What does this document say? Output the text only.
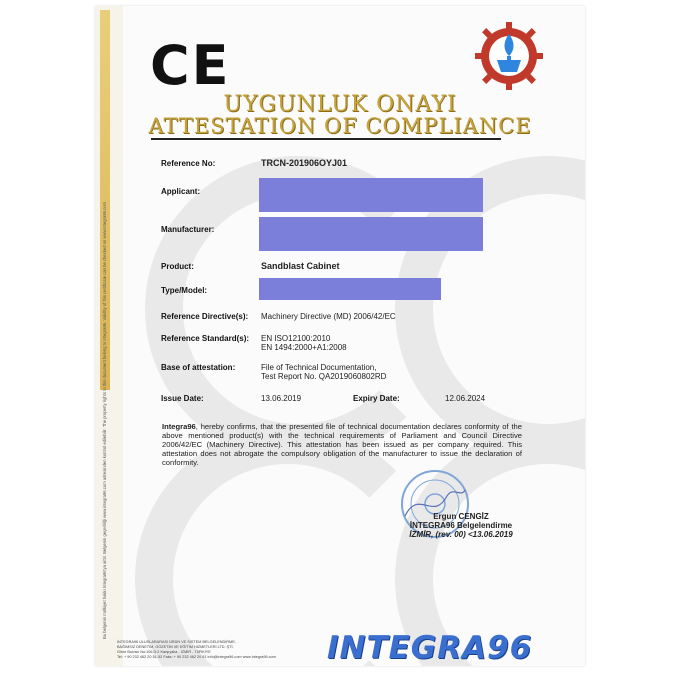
Bu belgenin mülkiyet hakkı İntegra96'ya aittir. Belgenin geçerliliği www.integra96.com adresinden kontrol edilebilir. The property rights to this document belong to Integra96. Validity of this certificate can be checked on www.integra96.com
CE
UYGUNLUK ONAYI
ATTESTATION OF COMPLIANCE
Reference No:	TRCN-201906OYJ01
Applicant:
Manufacturer:
Product:	Sandblast Cabinet
Type/Model:
Reference Directive(s): Machinery Directive (MD) 2006/42/EC
Reference Standard(s): EN ISO12100:2010
EN 1494:2000+A1:2008
Base of attestation:	File of Technical Documentation,
Test Report No. QA2019060802RD
Issue Date:	13.06.2019	Expiry Date:	12.06.2024
Integra96, hereby confirms, that the presented file of technical documentation declares conformity of the above mentioned product(s) with the technical requirements of Parliament and Council Directive 2006/42/EC (Machinery Directive). This attestation has been issued as per company required. This attestation does not abrogate the compulsory obligation of the manufacturer to issue the declaration of conformity.
Ergun CENGİZ
İNTEGRA96 Belgelendirme
İZMİR, (rev. 00) <13.06.2019
İNTEGRA96 ULUSLARARASI ÜRÜN VE SİSTEM BELGELENDİRME,
BAĞIMSIZ DENETİM, GÖZETİM VE EĞİTİM HİZMETLERİ LTD. ŞTİ.
Girne Bulvarı No:106 D:2 Karşıyaka - İZMİR - TÜRKİYE
Tel: + 90 232 462 20 51-52 Faks: + 90 232 462 20 61 info@integra96.com www.integra96.com	INTEGRA96
